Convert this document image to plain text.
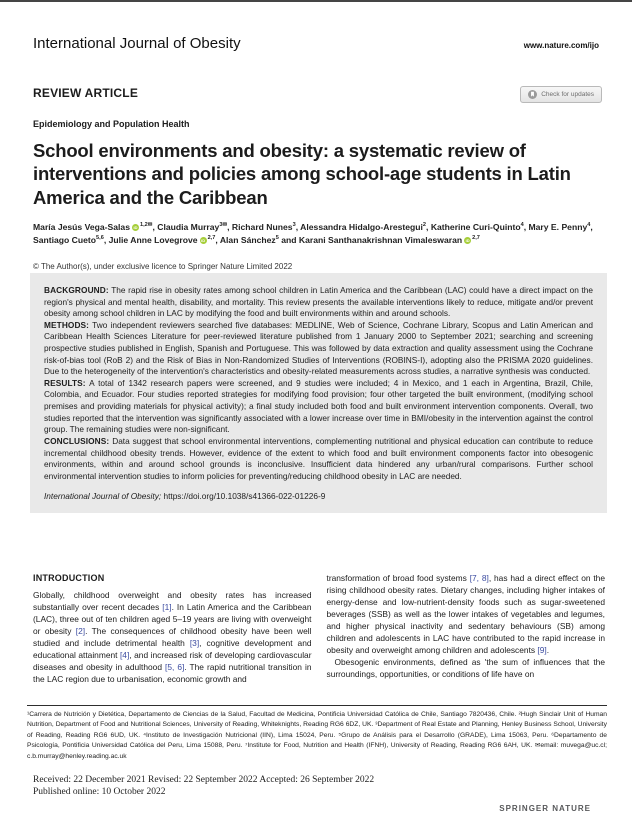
International Journal of Obesity	www.nature.com/ijo
REVIEW ARTICLE	Check for updates
Epidemiology and Population Health
School environments and obesity: a systematic review of interventions and policies among school-age students in Latin America and the Caribbean
María Jesús Vega-Salas iD $^{1,2✉}$, Claudia Murray$^{3✉}$, Richard Nunes$^3$, Alessandra Hidalgo-Arestegui$^2$, Katherine Curi-Quinto$^4$, Mary E. Penny$^4$, Santiago Cueto$^{5,6}$, Julie Anne Lovegrove iD $^{2,7}$, Alan Sánchez$^5$ and Karani Santhanakrishnan Vimaleswaran iD $^{2,7}$
© The Author(s), under exclusive licence to Springer Nature Limited 2022

BACKGROUND: The rapid rise in obesity rates among school children in Latin America and the Caribbean (LAC) could have a direct impact on the region's physical and mental health, disability, and mortality. This review presents the available interventions likely to reduce, mitigate and/or prevent obesity among school children in LAC by modifying the food and built environments within and around schools.

METHODS: Two independent reviewers searched five databases: MEDLINE, Web of Science, Cochrane Library, Scopus and Latin American and Caribbean Health Sciences Literature for peer-reviewed literature published from 1 January 2000 to September 2021; searching and screening prospective studies published in English, Spanish and Portuguese. This was followed by data extraction and quality assessment using the Cochrane risk-of-bias tool (RoB 2) and the Risk of Bias in Non-Randomized Studies of Interventions (ROBINS-I), adopting also the PRISMA 2020 guidelines. Due to the heterogeneity of the intervention's characteristics and obesity-related measurements across studies, a narrative synthesis was conducted.

RESULTS: A total of 1342 research papers were screened, and 9 studies were included; 4 in Mexico, and 1 each in Argentina, Brazil, Chile, Colombia, and Ecuador. Four studies reported strategies for modifying food provision; four other targeted the built environment, (modifying school premises and providing materials for physical activity); a final study included both food and built environment intervention components. Overall, two studies reported that the intervention was significantly associated with a lower increase over time in BMI/obesity in the intervention against the control group. The remaining studies were non-significant.

CONCLUSIONS: Data suggest that school environmental interventions, complementing nutritional and physical education can contribute to reduce incremental childhood obesity trends. However, evidence of the extent to which food and built environment components factor into obesogenic environments, within and around school grounds is inconclusive. Insufficient data hindered any urban/rural comparisons. Further school environmental intervention studies to inform policies for preventing/reducing childhood obesity in LAC are needed.

International Journal of Obesity; https://doi.org/10.1038/s41366-022-01226-9

INTRODUCTION

Globally, childhood overweight and obesity rates has increased substantially over recent decades [1]. In Latin America and the Caribbean (LAC), three out of ten children aged 5–19 years are living with overweight or obesity [2]. The consequences of childhood obesity have been well studied and include detrimental health [3], cognitive development and educational attainment [4], and increased risk of developing cardiovascular diseases and obesity in adulthood [5, 6]. The rapid nutritional transition in the LAC region due to urbanisation, economic growth and

transformation of broad food systems [7, 8], has had a direct effect on the rising childhood obesity rates. Dietary changes, including higher intakes of energy-dense and low-nutrient-density foods such as sugar-sweetened beverages (SSB) as well as the lower intakes of vegetables and legumes, and higher physical inactivity and sedentary behaviours (SB) among children and adolescents in LAC have contributed to the rapid increase in obesity and overweight among children and adolescents [9].

Obesogenic environments, defined as 'the sum of influences that the surroundings, opportunities, or conditions of life have on

¹Carrera de Nutrición y Dietética, Departamento de Ciencias de la Salud, Facultad de Medicina, Pontificia Universidad Católica de Chile, Santiago 7820436, Chile. ²Hugh Sinclair Unit of Human Nutrition, Department of Food and Nutritional Sciences, University of Reading, Whiteknights, Reading RG6 6DZ, UK. ³Department of Real Estate and Planning, Henley Business School, University of Reading, Reading RG6 6UD, UK. ⁴Instituto de Investigación Nutricional (IIN), Lima 15024, Peru. ⁵Grupo de Análisis para el Desarrollo (GRADE), Lima 15063, Peru. ⁶Departamento de Psicología, Pontificia Universidad Católica del Peru, Lima 15088, Peru. ⁷Institute for Food, Nutrition and Health (IFNH), University of Reading, Reading RG6 6AH, UK. ✉email: muvega@uc.cl; c.b.murray@henley.reading.ac.uk

Received: 22 December 2021 Revised: 22 September 2022 Accepted: 26 September 2022

Published online: 10 October 2022

SPRINGER NATURE
